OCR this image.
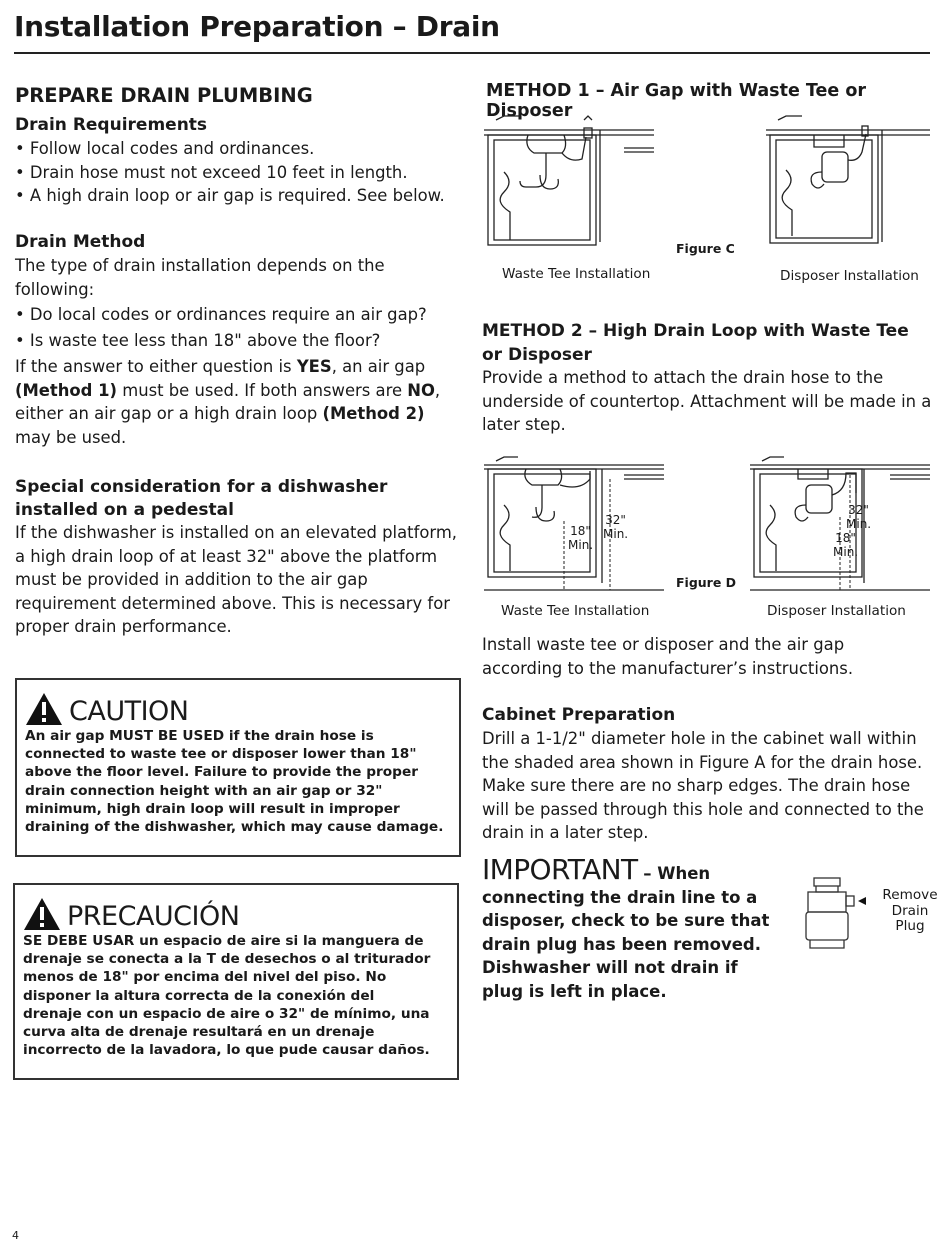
Installation Preparation – Drain
PREPARE DRAIN PLUMBING
Drain Requirements
• Follow local codes and ordinances.
• Drain hose must not exceed 10 feet in length.
• A high drain loop or air gap is required. See below.
Drain Method
The type of drain installation depends on the following:
• Do local codes or ordinances require an air gap?
• Is waste tee less than 18" above the floor?
If the answer to either question is YES, an air gap (Method 1) must be used. If both answers are NO, either an air gap or a high drain loop (Method 2) may be used.
Special consideration for a dishwasher installed on a pedestal
If the dishwasher is installed on an elevated platform, a high drain loop of at least 32" above the platform must be provided in addition to the air gap requirement determined above. This is necessary for proper drain performance.
CAUTION
An air gap MUST BE USED if the drain hose is connected to waste tee or disposer lower than 18" above the floor level. Failure to provide the proper drain connection height with an air gap or 32" minimum, high drain loop will result in improper draining of the dishwasher, which may cause damage.
PRECAUCIÓN
SE DEBE USAR un espacio de aire si la manguera de drenaje se conecta a la T de desechos o al triturador menos de 18" por encima del nivel del piso. No disponer la altura correcta de la conexión del drenaje con un espacio de aire o 32" de mínimo, una curva alta de drenaje resultará en un drenaje incorrecto de la lavadora, lo que pude causar daños.
METHOD 1 – Air Gap with Waste Tee or Disposer
Waste Tee Installation
Figure C
Disposer Installation
METHOD 2 – High Drain Loop with Waste Tee or Disposer
Provide a method to attach the drain hose to the underside of countertop. Attachment will be made in a later step.
18"
Min.
32"
Min.
Waste Tee Installation
Figure D
32"
Min.
18"
Min.
Disposer Installation
Install waste tee or disposer and the air gap according to the manufacturer’s instructions.
Cabinet Preparation
Drill a 1-1/2" diameter hole in the cabinet wall within the shaded area shown in Figure A for the drain hose. Make sure there are no sharp edges. The drain hose will be passed through this hole and connected to the drain in a later step.
IMPORTANT – When connecting the drain line to a disposer, check to be sure that drain plug has been removed. Dishwasher will not drain if plug is left in place.
Remove Drain Plug
4
